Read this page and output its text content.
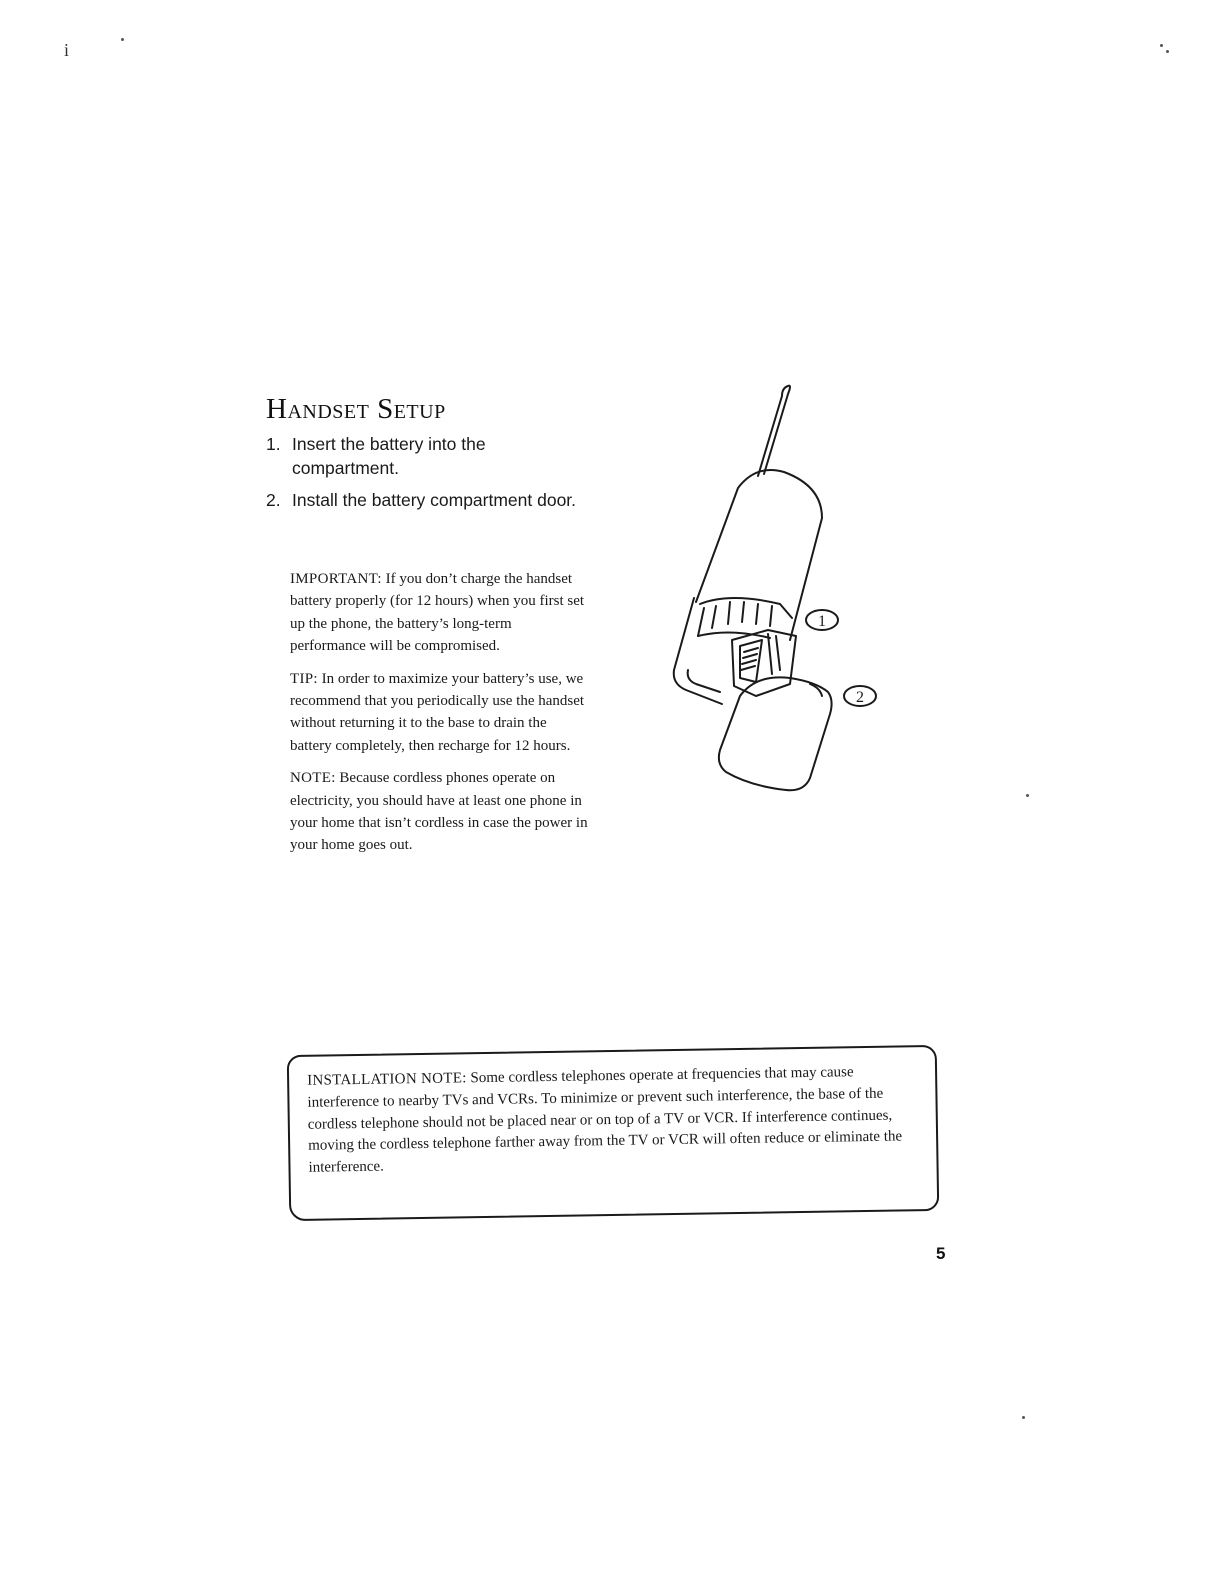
i
Handset Setup
1. Insert the battery into the compartment.
2. Install the battery compartment door.

IMPORTANT: If you don’t charge the handset battery properly (for 12 hours) when you first set up the phone, the battery’s long-term performance will be compromised.

TIP: In order to maximize your battery’s use, we recommend that you periodically use the handset without returning it to the base to drain the battery completely, then recharge for 12 hours.

NOTE: Because cordless phones operate on electricity, you should have at least one phone in your home that isn’t cordless in case the power in your home goes out.

1
2
INSTALLATION NOTE: Some cordless telephones operate at frequencies that may cause interference to nearby TVs and VCRs. To minimize or prevent such interference, the base of the cordless telephone should not be placed near or on top of a TV or VCR. If interference continues, moving the cordless telephone farther away from the TV or VCR will often reduce or eliminate the interference.
5
